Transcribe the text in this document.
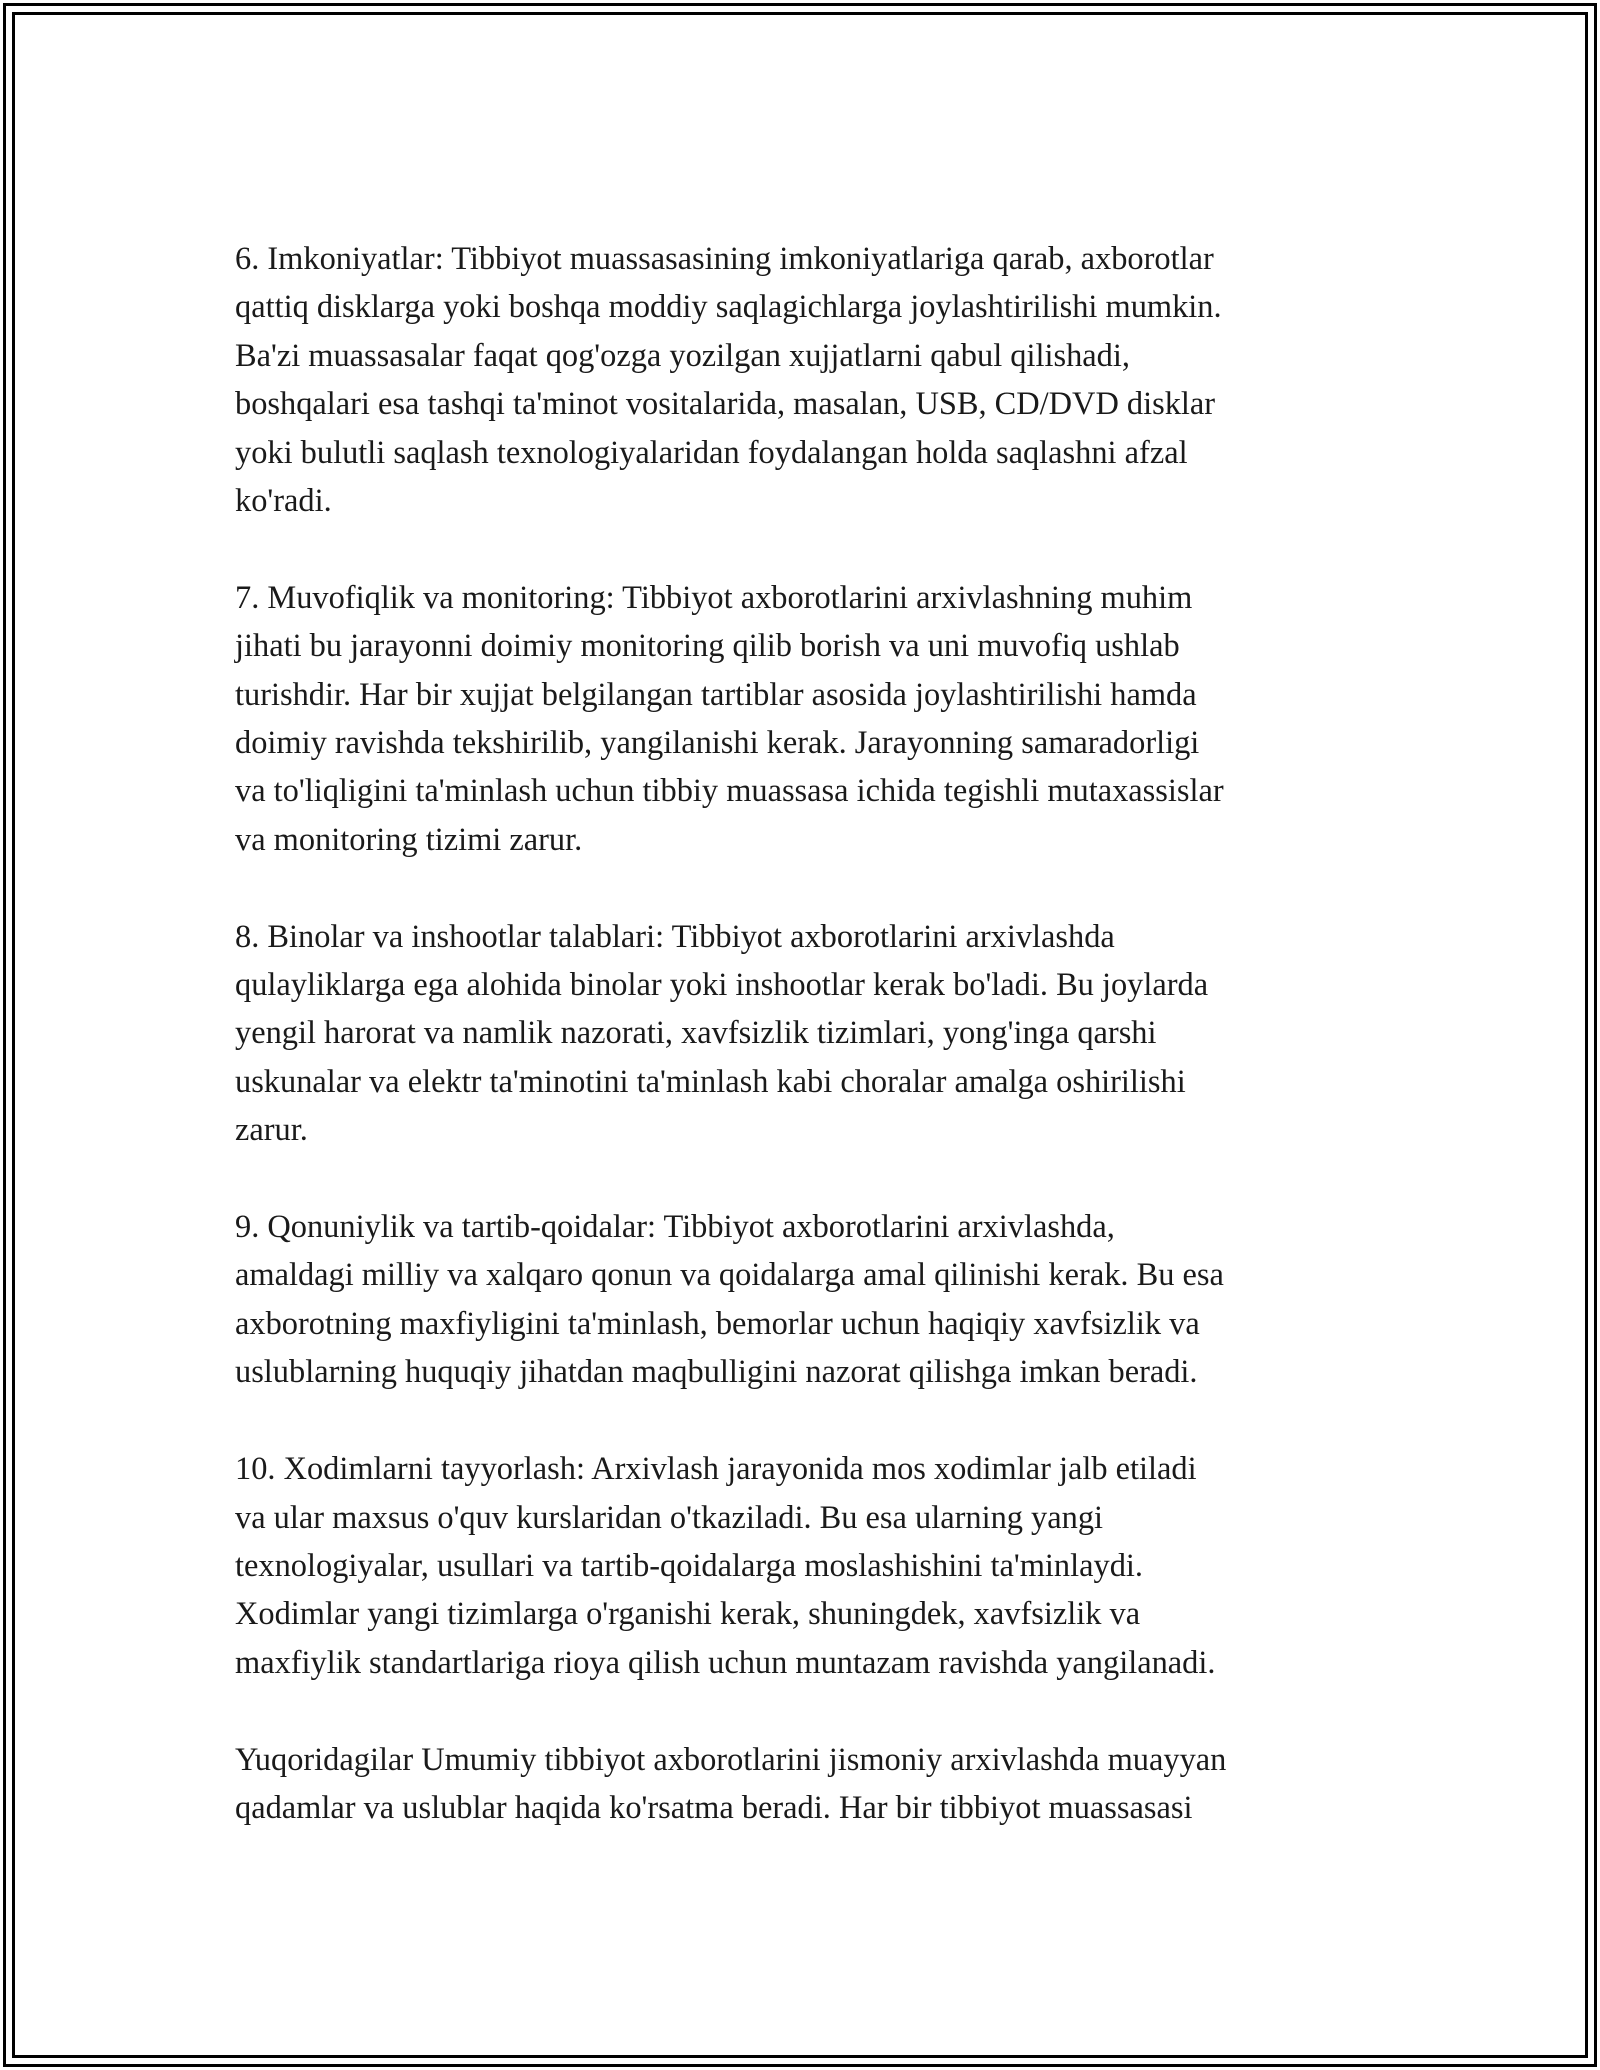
6. Imkoniyatlar: Tibbiyot muassasasining imkoniyatlariga qarab, axborotlar
qattiq disklarga yoki boshqa moddiy saqlagichlarga joylashtirilishi mumkin.
Ba'zi muassasalar faqat qog'ozga yozilgan xujjatlarni qabul qilishadi,
boshqalari esa tashqi ta'minot vositalarida, masalan, USB, CD/DVD disklar
yoki bulutli saqlash texnologiyalaridan foydalangan holda saqlashni afzal
ko'radi.

7. Muvofiqlik va monitoring: Tibbiyot axborotlarini arxivlashning muhim
jihati bu jarayonni doimiy monitoring qilib borish va uni muvofiq ushlab
turishdir. Har bir xujjat belgilangan tartiblar asosida joylashtirilishi hamda
doimiy ravishda tekshirilib, yangilanishi kerak. Jarayonning samaradorligi
va to'liqligini ta'minlash uchun tibbiy muassasa ichida tegishli mutaxassislar
va monitoring tizimi zarur.

8. Binolar va inshootlar talablari: Tibbiyot axborotlarini arxivlashda
qulayliklarga ega alohida binolar yoki inshootlar kerak bo'ladi. Bu joylarda
yengil harorat va namlik nazorati, xavfsizlik tizimlari, yong'inga qarshi
uskunalar va elektr ta'minotini ta'minlash kabi choralar amalga oshirilishi
zarur.

9. Qonuniylik va tartib-qoidalar: Tibbiyot axborotlarini arxivlashda,
amaldagi milliy va xalqaro qonun va qoidalarga amal qilinishi kerak. Bu esa
axborotning maxfiyligini ta'minlash, bemorlar uchun haqiqiy xavfsizlik va
uslublarning huquqiy jihatdan maqbulligini nazorat qilishga imkan beradi.

10. Xodimlarni tayyorlash: Arxivlash jarayonida mos xodimlar jalb etiladi
va ular maxsus o'quv kurslaridan o'tkaziladi. Bu esa ularning yangi
texnologiyalar, usullari va tartib-qoidalarga moslashishini ta'minlaydi.
Xodimlar yangi tizimlarga o'rganishi kerak, shuningdek, xavfsizlik va
maxfiylik standartlariga rioya qilish uchun muntazam ravishda yangilanadi.

Yuqoridagilar Umumiy tibbiyot axborotlarini jismoniy arxivlashda muayyan
qadamlar va uslublar haqida ko'rsatma beradi. Har bir tibbiyot muassasasi
